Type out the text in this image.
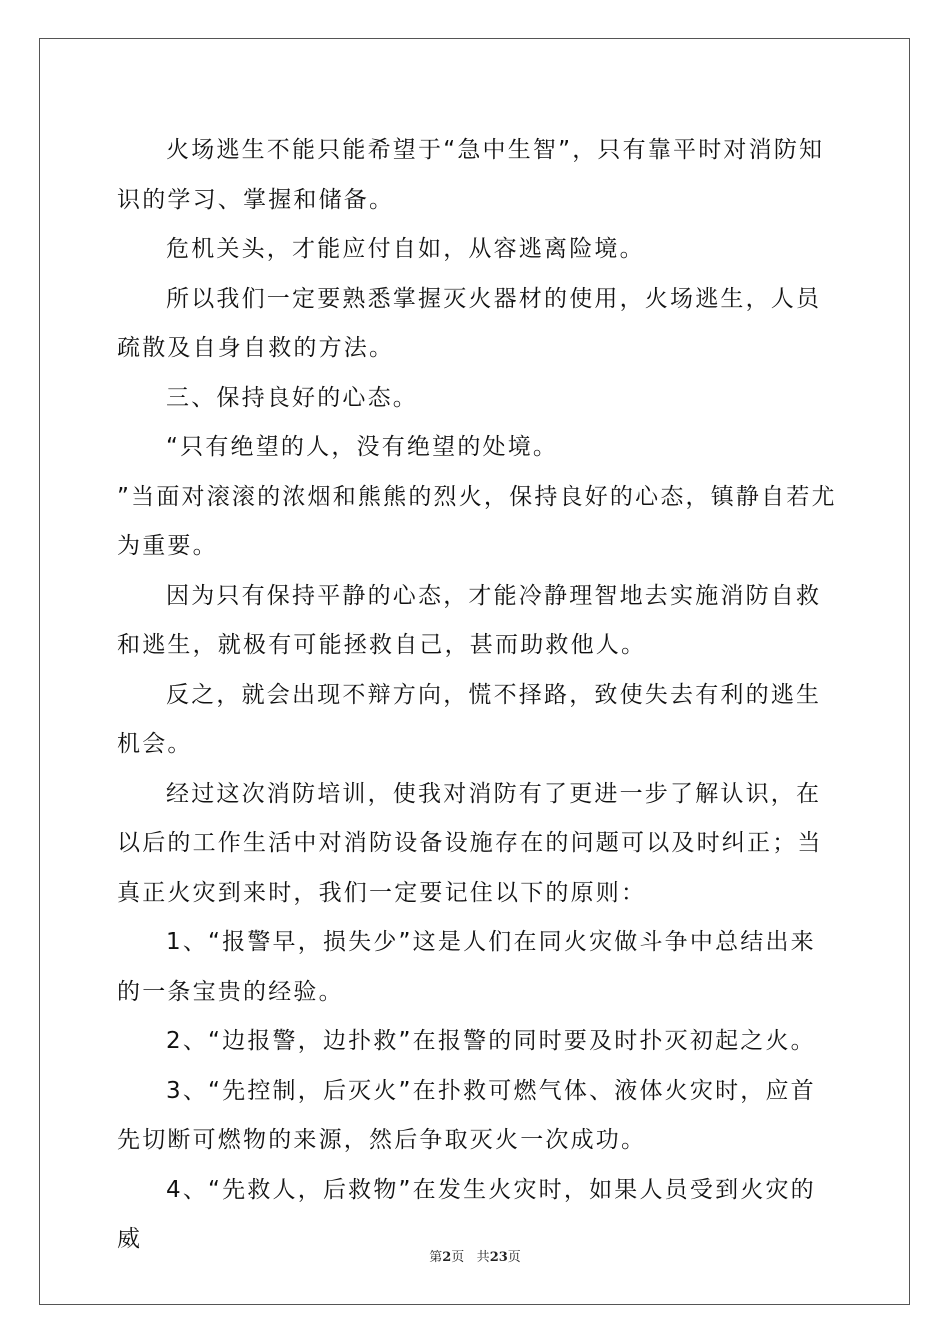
火场逃生不能只能希望于“急中生智”，只有靠平时对消防知识的学习、掌握和储备。

危机关头，才能应付自如，从容逃离险境。

所以我们一定要熟悉掌握灭火器材的使用，火场逃生，人员疏散及自身自救的方法。

三、保持良好的心态。

“只有绝望的人，没有绝望的处境。

”当面对滚滚的浓烟和熊熊的烈火，保持良好的心态，镇静自若尤为重要。

因为只有保持平静的心态，才能冷静理智地去实施消防自救和逃生，就极有可能拯救自己，甚而助救他人。

反之，就会出现不辩方向，慌不择路，致使失去有利的逃生机会。

经过这次消防培训，使我对消防有了更进一步了解认识，在以后的工作生活中对消防设备设施存在的问题可以及时纠正；当真正火灾到来时，我们一定要记住以下的原则：

1、“报警早，损失少”这是人们在同火灾做斗争中总结出来的一条宝贵的经验。

2、“边报警，边扑救”在报警的同时要及时扑灭初起之火。

3、“先控制，后灭火”在扑救可燃气体、液体火灾时，应首先切断可燃物的来源，然后争取灭火一次成功。

4、“先救人，后救物”在发生火灾时，如果人员受到火灾的威

第2页 共23页
